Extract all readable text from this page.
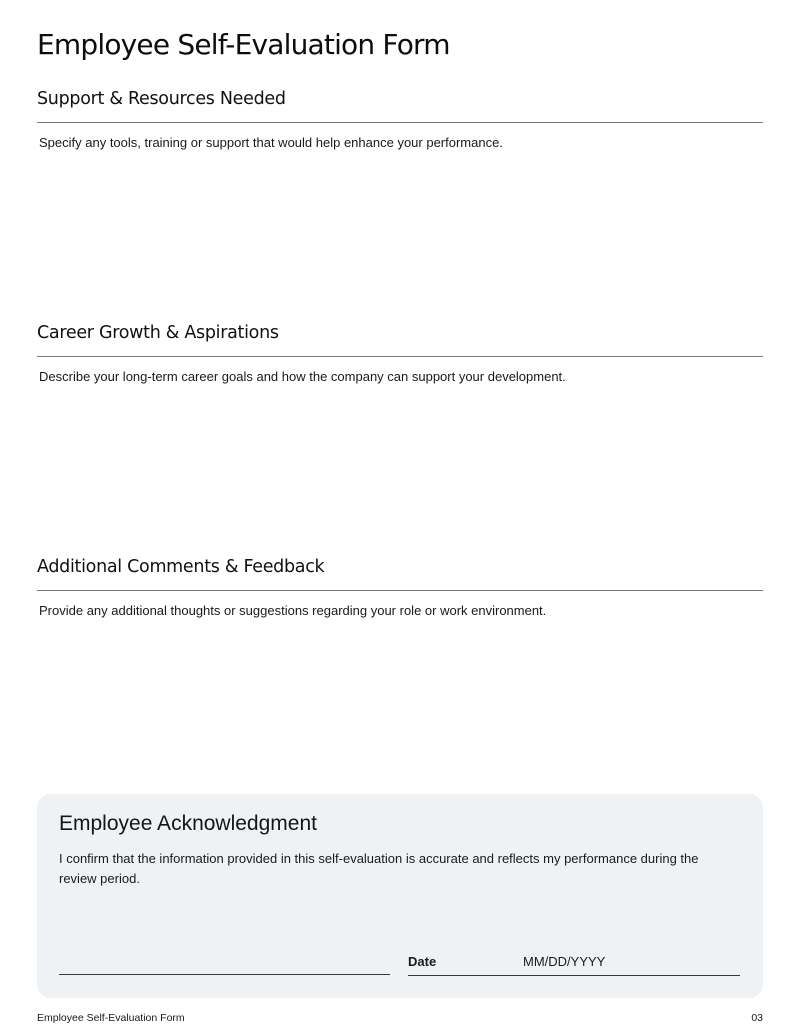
Employee Self-Evaluation Form
Support & Resources Needed
Specify any tools, training or support that would help enhance your performance.
Career Growth & Aspirations
Describe your long-term career goals and how the company can support your development.
Additional Comments & Feedback
Provide any additional thoughts or suggestions regarding your role or work environment.
Employee Acknowledgment
I confirm that the information provided in this self-evaluation is accurate and reflects my performance during the review period.
Date	MM/DD/YYYY
Employee Self-Evaluation Form	03
